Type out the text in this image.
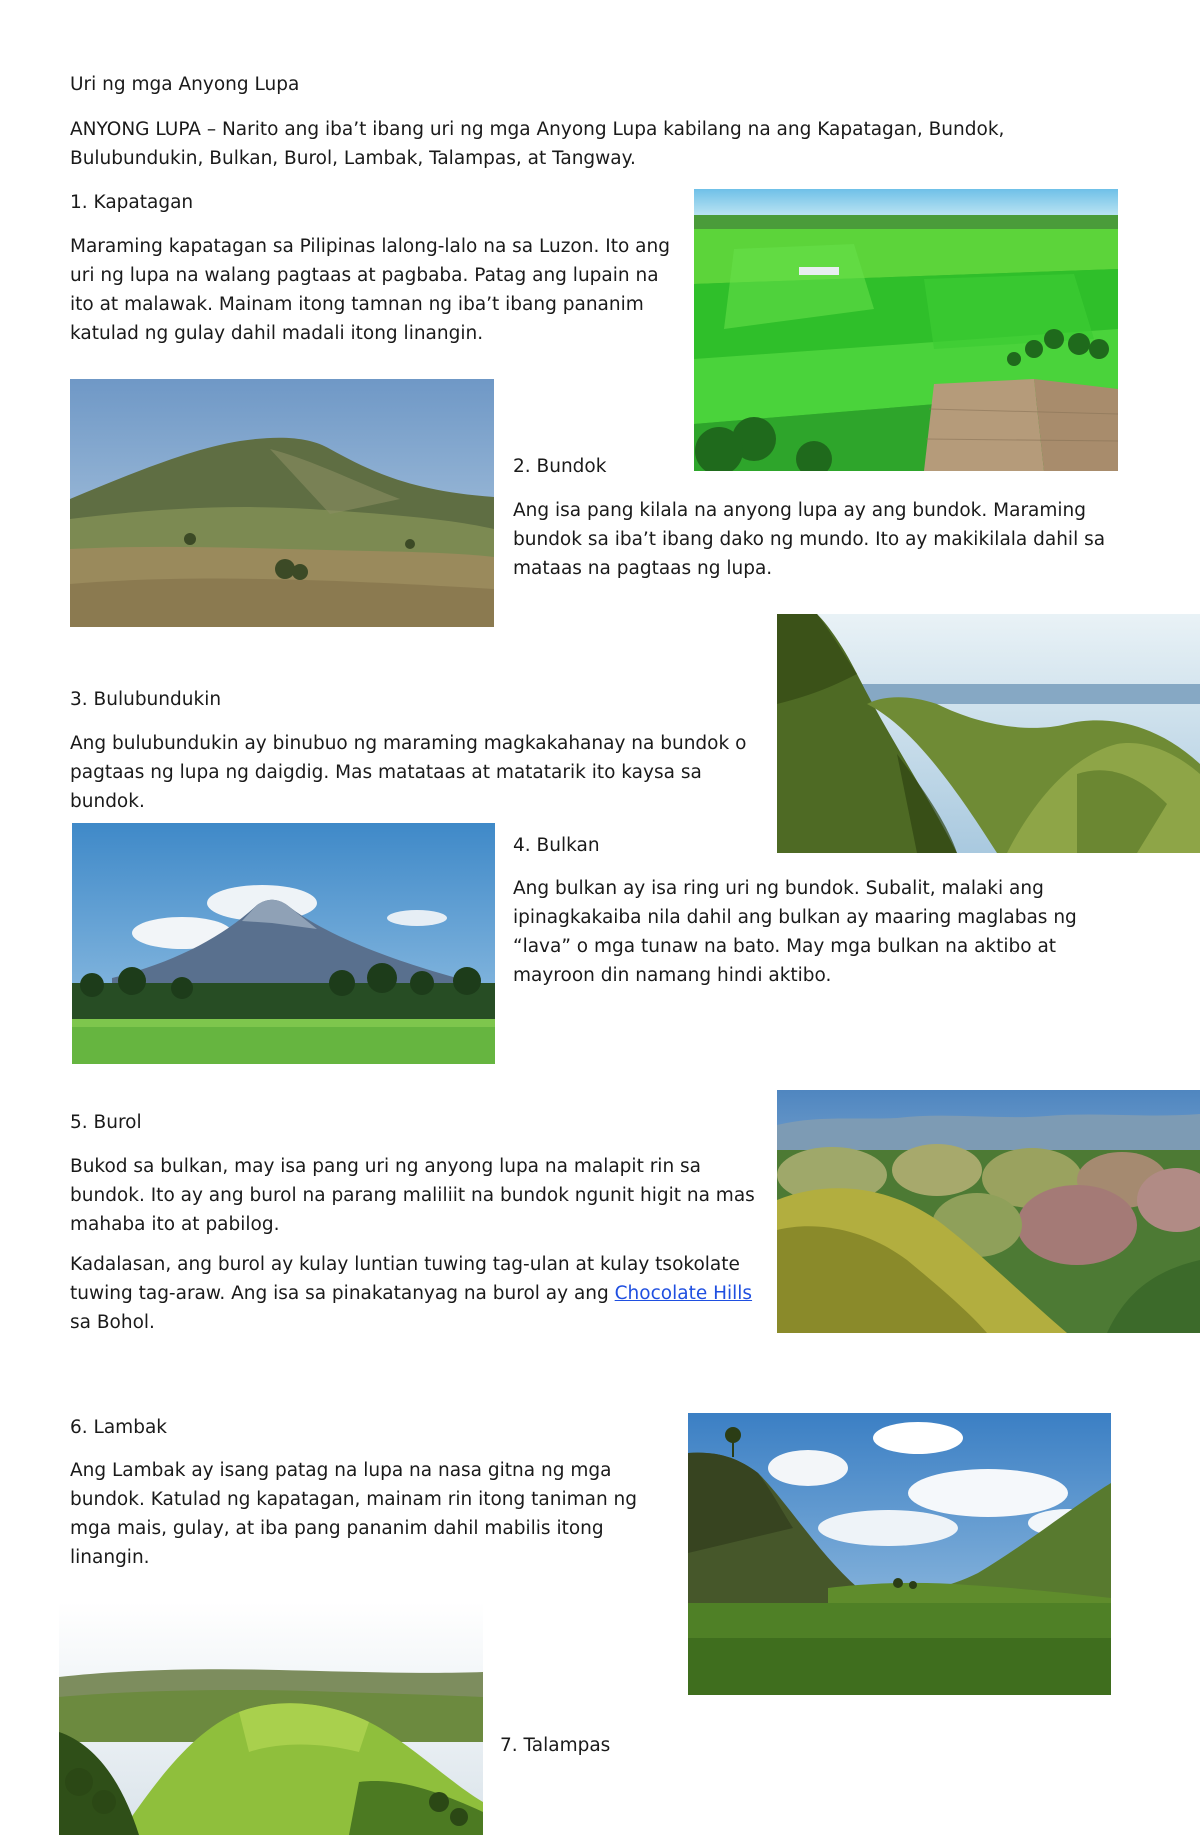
Uri ng mga Anyong Lupa

ANYONG LUPA – Narito ang iba’t ibang uri ng mga Anyong Lupa kabilang na ang Kapatagan, Bundok, Bulubundukin, Bulkan, Burol, Lambak, Talampas, at Tangway.

1. Kapatagan

Maraming kapatagan sa Pilipinas lalong-lalo na sa Luzon. Ito ang uri ng lupa na walang pagtaas at pagbaba. Patag ang lupain na ito at malawak. Mainam itong tamnan ng iba’t ibang pananim katulad ng gulay dahil madali itong linangin.

2. Bundok

Ang isa pang kilala na anyong lupa ay ang bundok. Maraming bundok sa iba’t ibang dako ng mundo. Ito ay makikilala dahil sa mataas na pagtaas ng lupa.

3. Bulubundukin

Ang bulubundukin ay binubuo ng maraming magkakahanay na bundok o pagtaas ng lupa ng daigdig. Mas matataas at matatarik ito kaysa sa bundok.

4. Bulkan

Ang bulkan ay isa ring uri ng bundok. Subalit, malaki ang ipinagkakaiba nila dahil ang bulkan ay maaring maglabas ng “lava” o mga tunaw na bato. May mga bulkan na aktibo at mayroon din namang hindi aktibo.

5. Burol

Bukod sa bulkan, may isa pang uri ng anyong lupa na malapit rin sa bundok. Ito ay ang burol na parang maliliit na bundok ngunit higit na mas mahaba ito at pabilog.

Kadalasan, ang burol ay kulay luntian tuwing tag-ulan at kulay tsokolate tuwing tag-araw. Ang isa sa pinakatanyag na burol ay ang Chocolate Hills sa Bohol.

6. Lambak

Ang Lambak ay isang patag na lupa na nasa gitna ng mga bundok. Katulad ng kapatagan, mainam rin itong taniman ng mga mais, gulay, at iba pang pananim dahil mabilis itong linangin.

7. Talampas
